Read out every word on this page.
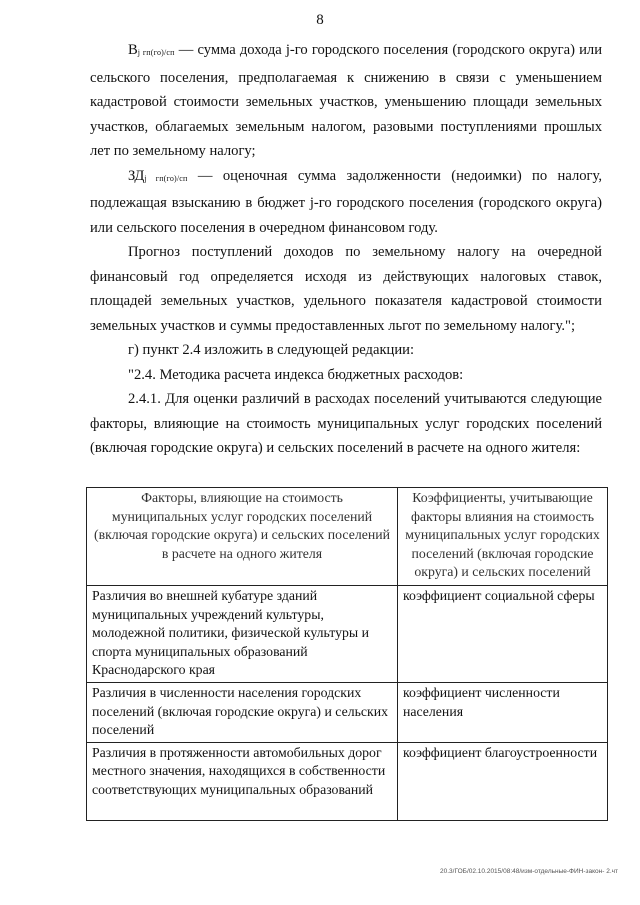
8

Bj гп(го)/сп — сумма дохода j-го городского поселения (городского округа) или сельского поселения, предполагаемая к снижению в связи с уменьшением кадастровой стоимости земельных участков, уменьшению площади земельных участков, облагаемых земельным налогом, разовыми поступлениями прошлых лет по земельному налогу;

ЗДj гп(го)/сп — оценочная сумма задолженности (недоимки) по налогу, подлежащая взысканию в бюджет j-го городского поселения (городского округа) или сельского поселения в очередном финансовом году.

Прогноз поступлений доходов по земельному налогу на очередной финансовый год определяется исходя из действующих налоговых ставок, площадей земельных участков, удельного показателя кадастровой стоимости земельных участков и суммы предоставленных льгот по земельному налогу.";

г) пункт 2.4 изложить в следующей редакции:

"2.4. Методика расчета индекса бюджетных расходов:

2.4.1. Для оценки различий в расходах поселений учитываются следующие факторы, влияющие на стоимость муниципальных услуг городских поселений (включая городские округа) и сельских поселений в расчете на одного жителя:

Факторы, влияющие на стоимость муниципальных услуг городских поселений (включая городские округа) и сельских поселений в расчете на одного жителя	Коэффициенты, учитывающие факторы влияния на стоимость муниципальных услуг городских поселений (включая городские округа) и сельских поселений
Различия во внешней кубатуре зданий муниципальных учреждений культуры, молодежной политики, физической культуры и спорта муниципальных образований Краснодарского края	коэффициент социальной сферы
Различия в численности населения городских поселений (включая городские округа) и сельских поселений	коэффициент численности населения
Различия в протяженности автомобильных дорог местного значения, находящихся в собственности соответствующих муниципальных образований	коэффициент благоустроенности
20.3/ГОБ/02.10.2015/08:48/изм-отдельные-ФИН-закон- 2.чт
